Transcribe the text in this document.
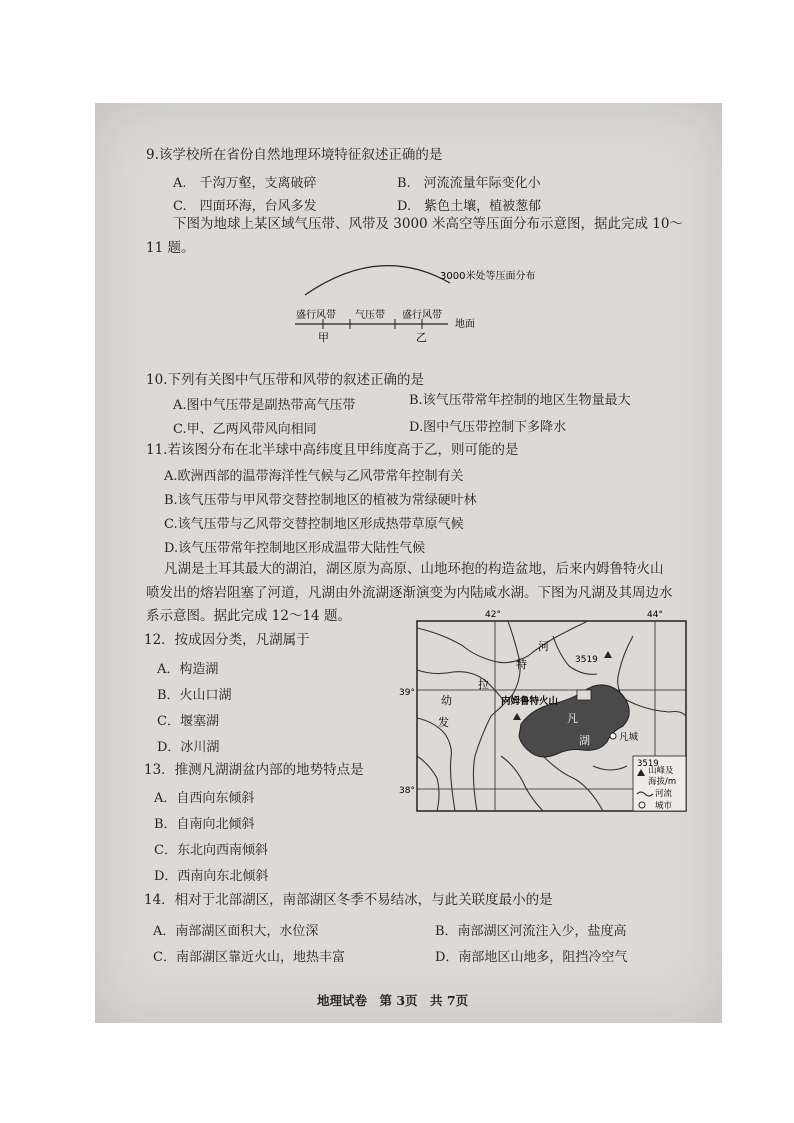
9.该学校所在省份自然地理环境特征叙述正确的是
A.　千沟万壑，支离破碎	B.　河流流量年际变化小
C.　四面环海，台风多发	D.　紫色土壤，植被葱郁
下图为地球上某区域气压带、风带及 3000 米高空等压面分布示意图，据此完成 10～
11 题。
3000米处等压面分布
盛行风带 气压带 盛行风带
地面
甲	乙
10.下列有关图中气压带和风带的叙述正确的是
A.图中气压带是副热带高气压带	B.该气压带常年控制的地区生物量最大
C.甲、乙两风带风向相同	D.图中气压带控制下多降水
11.若该图分布在北半球中高纬度且甲纬度高于乙，则可能的是
A.欧洲西部的温带海洋性气候与乙风带常年控制有关
B.该气压带与甲风带交替控制地区的植被为常绿硬叶林
C.该气压带与乙风带交替控制地区形成热带草原气候
D.该气压带常年控制地区形成温带大陆性气候
凡湖是土耳其最大的湖泊，湖区原为高原、山地环抱的构造盆地，后来内姆鲁特火山
喷发出的熔岩阻塞了河道，凡湖由外流湖逐渐演变为内陆咸水湖。下图为凡湖及其周边水
系示意图。据此完成 12～14 题。
12．按成因分类，凡湖属于
A．构造湖
B．火山口湖
C．堰塞湖
D．冰川湖
13．推测凡湖湖盆内部的地势特点是
A．自西向东倾斜
B．自南向北倾斜
C．东北向西南倾斜
D．西南向东北倾斜
14．相对于北部湖区，南部湖区冬季不易结冰，与此关联度最小的是
A．南部湖区面积大，水位深	B．南部湖区河流注入少，盐度高
C．南部湖区靠近火山，地热丰富	D．南部地区山地多，阻挡冷空气
42°	44°
39°
38°
凡
湖
河
特
拉
幼
发
3519
内姆鲁特火山
凡城
3519
山峰及
海拔/m
河流
城市
地理试卷　第 3页　共 7页
